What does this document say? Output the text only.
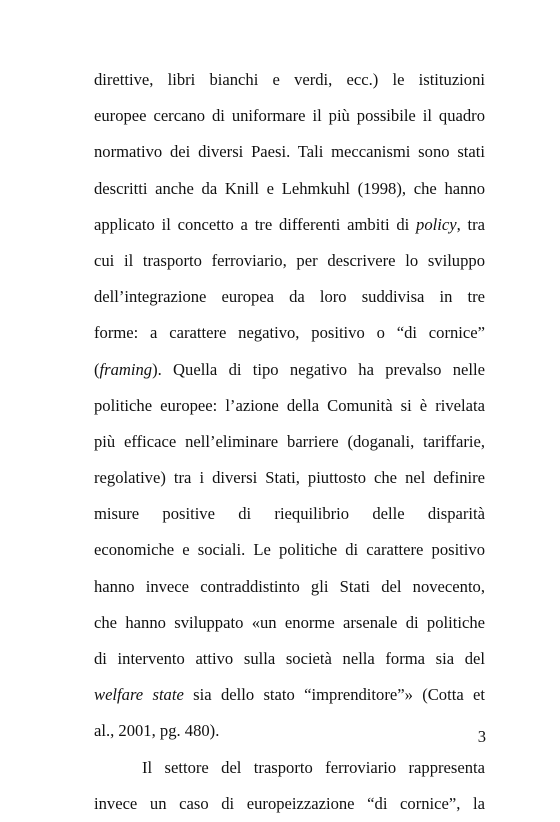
direttive, libri bianchi e verdi, ecc.) le istituzioni
europee cercano di uniformare il più possibile il quadro
normativo dei diversi Paesi. Tali meccanismi sono stati
descritti anche da Knill e Lehmkuhl (1998), che hanno
applicato il concetto a tre differenti ambiti di policy, tra
cui il trasporto ferroviario, per descrivere lo sviluppo
dell’integrazione europea da loro suddivisa in tre
forme: a carattere negativo, positivo o “di cornice”
(framing). Quella di tipo negativo ha prevalso nelle
politiche europee: l’azione della Comunità si è rivelata
più efficace nell’eliminare barriere (doganali, tariffarie,
regolative) tra i diversi Stati, piuttosto che nel definire
misure positive di riequilibrio delle disparità
economiche e sociali. Le politiche di carattere positivo
hanno invece contraddistinto gli Stati del novecento,
che hanno sviluppato «un enorme arsenale di politiche
di intervento attivo sulla società nella forma sia del
welfare state sia dello stato “imprenditore”» (Cotta et
al., 2001, pg. 480).
Il settore del trasporto ferroviario rappresenta
invece un caso di europeizzazione “di cornice”, la
3
